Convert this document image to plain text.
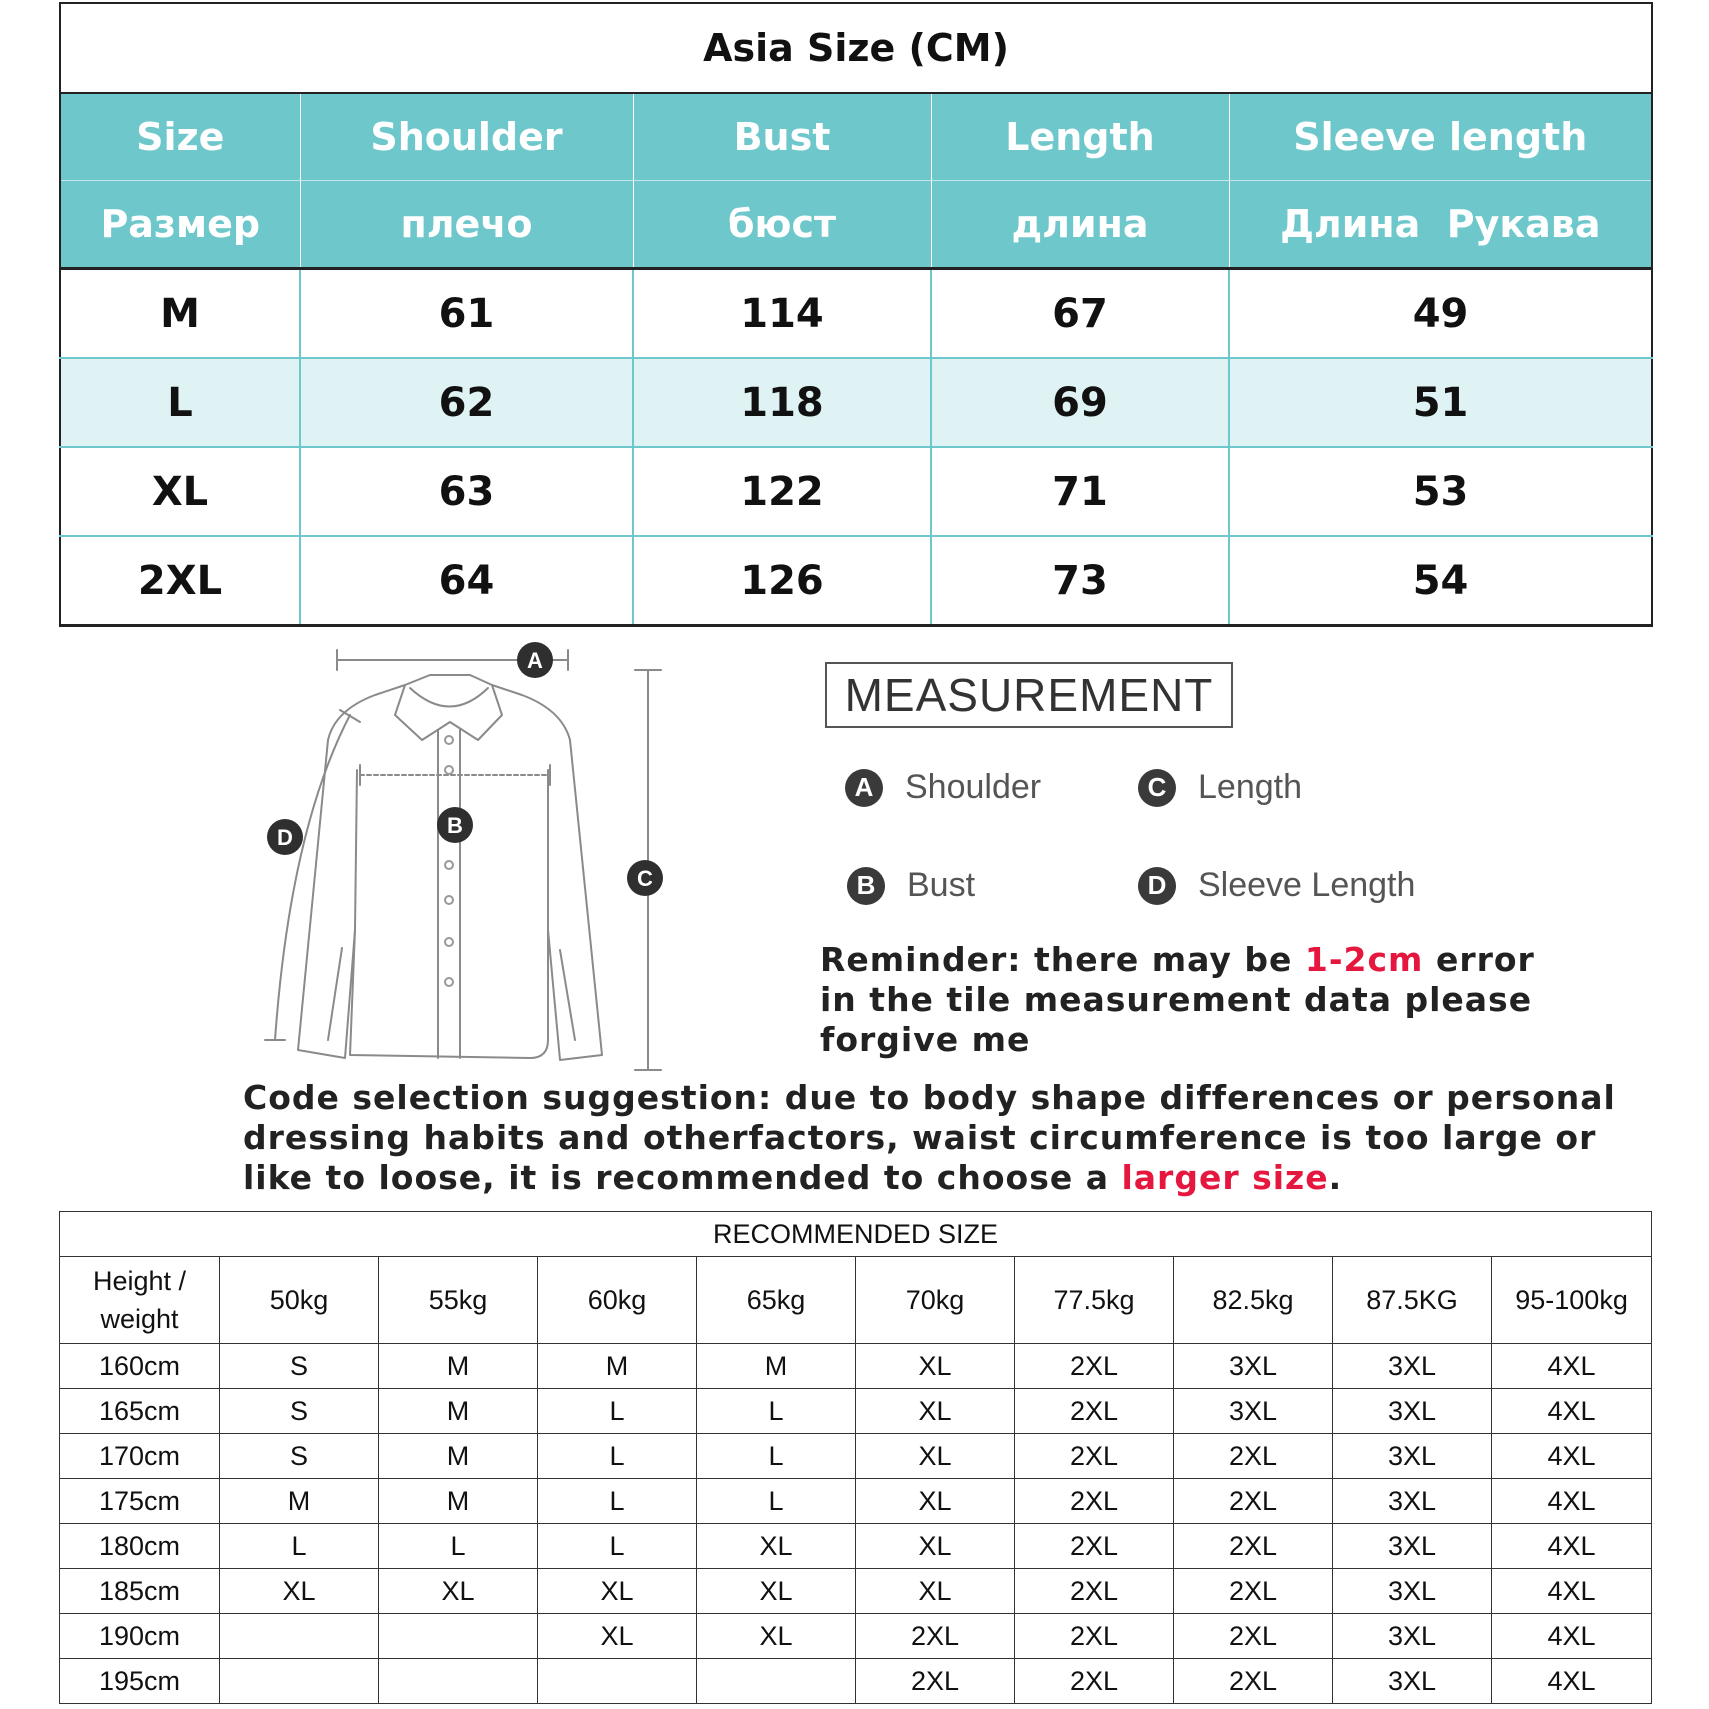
Asia Size (CM)				
Size	Shoulder	Bust	Length	Sleeve length
Размер	плечо	бюст	длина	Длина  Рукава
M	61	114	67	49
L	62	118	69	51
XL	63	122	71	53
2XL	64	126	73	54
A
B
C
D
MEASUREMENT
A Shoulder	C Length
B Bust	D Sleeve Length
Reminder: there may be 1-2cm error in the tile measurement data please forgive me
Code selection suggestion: due to body shape differences or personal dressing habits and otherfactors, waist circumference is too large or like to loose, it is recommended to choose a larger size.
RECOMMENDED SIZE									
Height / weight	50kg	55kg	60kg	65kg	70kg	77.5kg	82.5kg	87.5KG	95-100kg
160cm	S	M	M	M	XL	2XL	3XL	3XL	4XL
165cm	S	M	L	L	XL	2XL	3XL	3XL	4XL
170cm	S	M	L	L	XL	2XL	2XL	3XL	4XL
175cm	M	M	L	L	XL	2XL	2XL	3XL	4XL
180cm	L	L	L	XL	XL	2XL	2XL	3XL	4XL
185cm	XL	XL	XL	XL	XL	2XL	2XL	3XL	4XL
190cm			XL	XL	2XL	2XL	2XL	3XL	4XL
195cm					2XL	2XL	2XL	3XL	4XL
